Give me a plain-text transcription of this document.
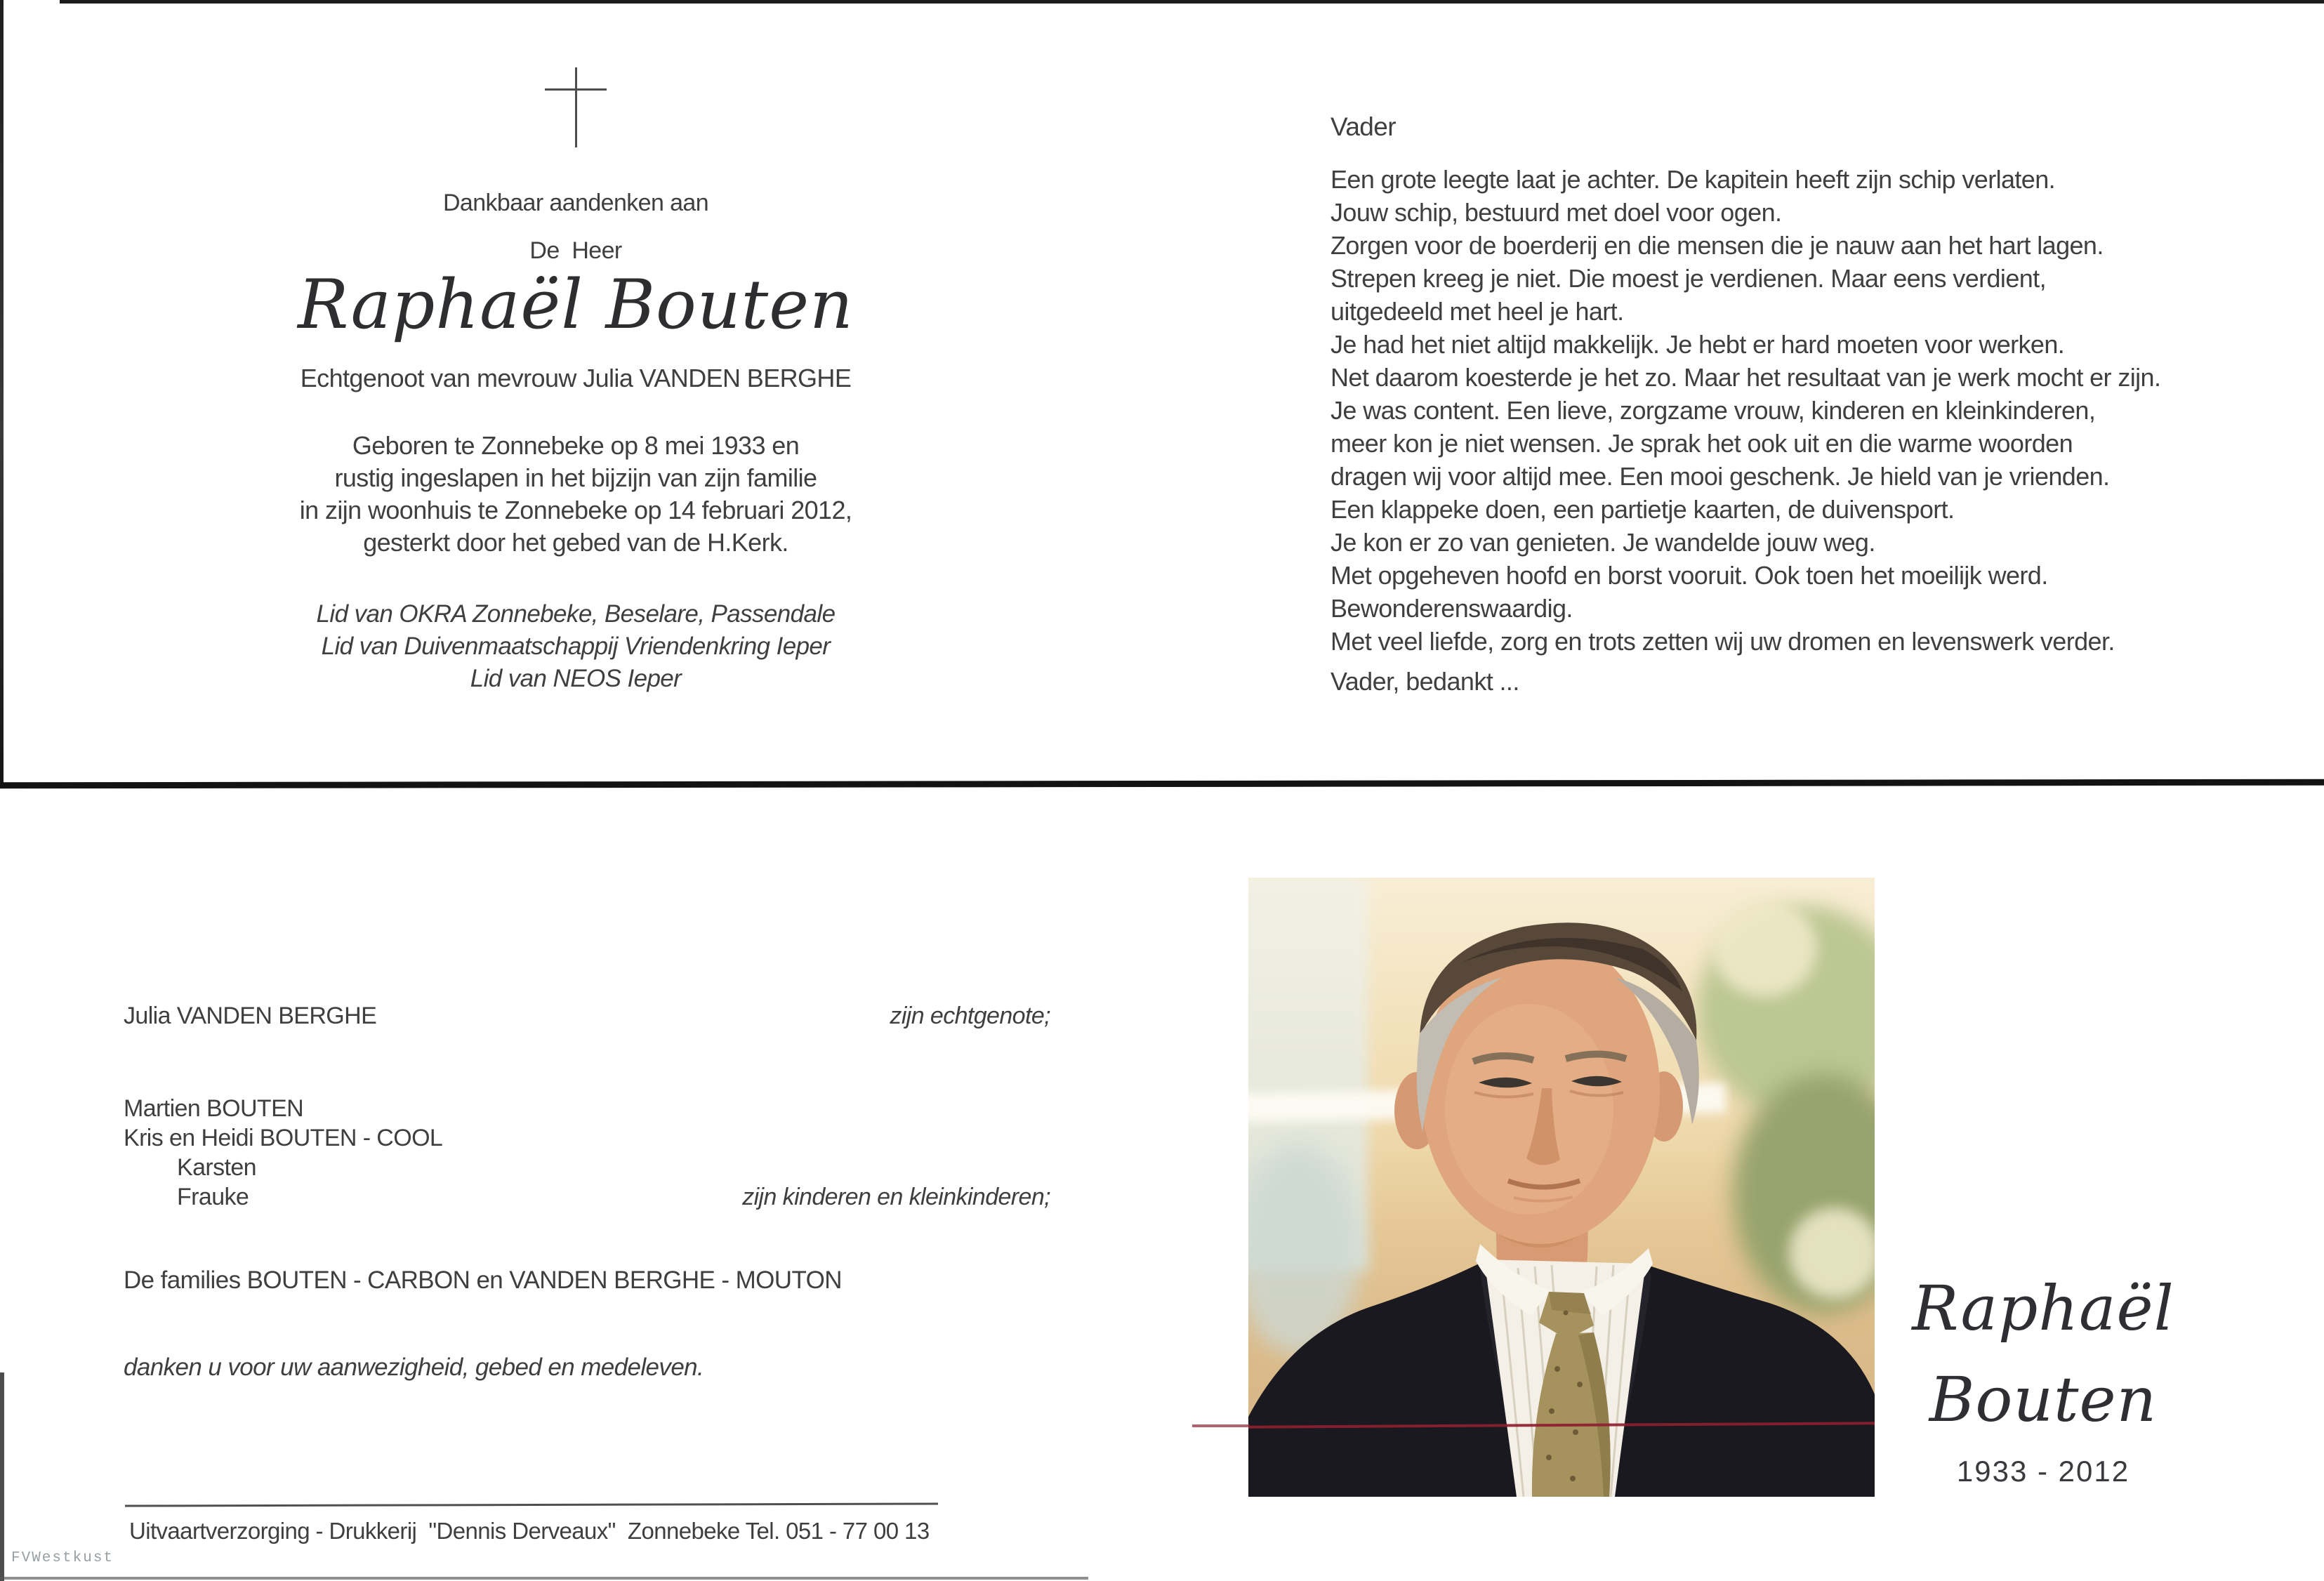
Dankbaar aandenken aan
De  Heer
Raphaël Bouten
Echtgenoot van mevrouw Julia VANDEN BERGHE
Geboren te Zonnebeke op 8 mei 1933 en
rustig ingeslapen in het bijzijn van zijn familie
in zijn woonhuis te Zonnebeke op 14 februari 2012,
gesterkt door het gebed van de H.Kerk.
Lid van OKRA Zonnebeke, Beselare, Passendale
Lid van Duivenmaatschappij Vriendenkring Ieper
Lid van NEOS Ieper
Vader
Een grote leegte laat je achter. De kapitein heeft zijn schip verlaten.
Jouw schip, bestuurd met doel voor ogen.
Zorgen voor de boerderij en die mensen die je nauw aan het hart lagen.
Strepen kreeg je niet. Die moest je verdienen. Maar eens verdient,
uitgedeeld met heel je hart.
Je had het niet altijd makkelijk. Je hebt er hard moeten voor werken.
Net daarom koesterde je het zo. Maar het resultaat van je werk mocht er zijn.
Je was content. Een lieve, zorgzame vrouw, kinderen en kleinkinderen,
meer kon je niet wensen. Je sprak het ook uit en die warme woorden
dragen wij voor altijd mee. Een mooi geschenk. Je hield van je vrienden.
Een klappeke doen, een partietje kaarten, de duivensport.
Je kon er zo van genieten. Je wandelde jouw weg.
Met opgeheven hoofd en borst vooruit. Ook toen het moeilijk werd.
Bewonderenswaardig.
Met veel liefde, zorg en trots zetten wij uw dromen en levenswerk verder.
Vader, bedankt ...
Julia VANDEN BERGHE	zijn echtgenote;
Martien BOUTEN
Kris en Heidi BOUTEN - COOL
Karsten
Frauke	zijn kinderen en kleinkinderen;
De families BOUTEN - CARBON en VANDEN BERGHE - MOUTON
danken u voor uw aanwezigheid, gebed en medeleven.
Uitvaartverzorging - Drukkerij  "Dennis Derveaux"  Zonnebeke Tel. 051 - 77 00 13
Raphaël
Bouten
1933 - 2012
FVWestkust
